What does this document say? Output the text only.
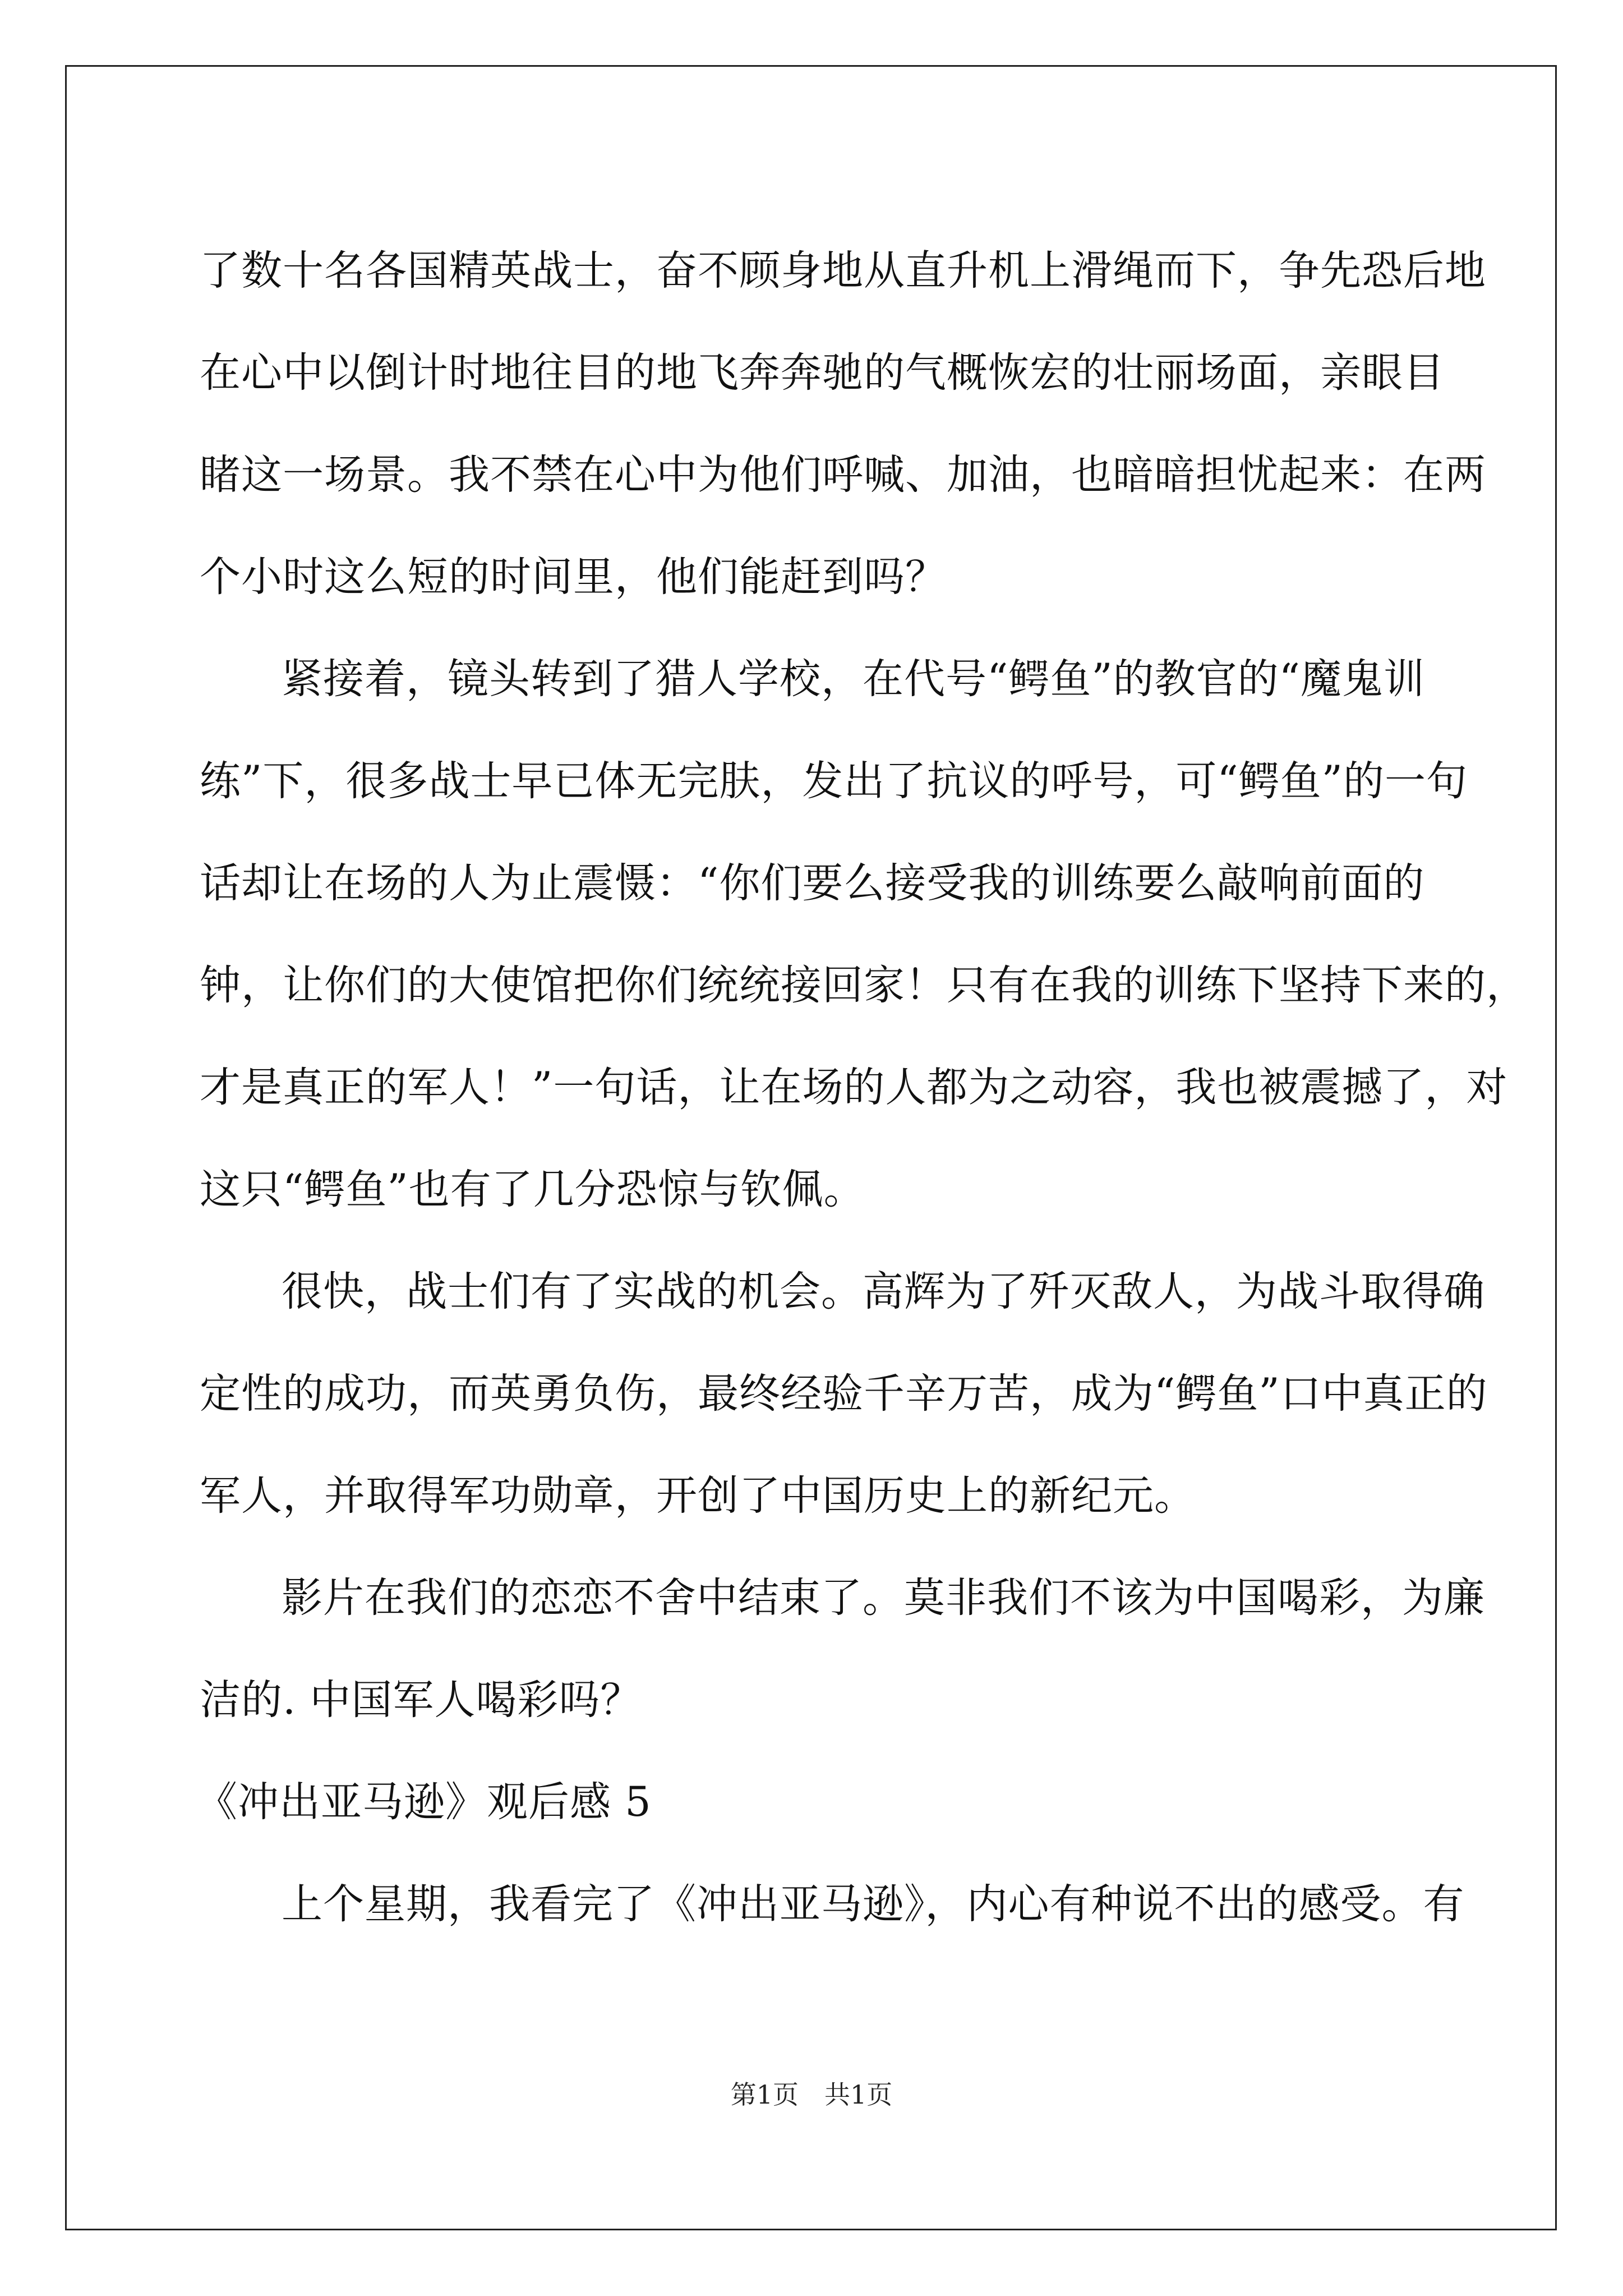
了数十名各国精英战士，奋不顾身地从直升机上滑绳而下，争先恐后地
在心中以倒计时地往目的地飞奔奔驰的气概恢宏的壮丽场面，亲眼目
睹这一场景。我不禁在心中为他们呼喊、加油，也暗暗担忧起来：在两
个小时这么短的时间里，他们能赶到吗？
紧接着，镜头转到了猎人学校，在代号“鳄鱼”的教官的“魔鬼训
练”下，很多战士早已体无完肤，发出了抗议的呼号，可“鳄鱼”的一句
话却让在场的人为止震慑：“你们要么接受我的训练要么敲响前面的
钟，让你们的大使馆把你们统统接回家！只有在我的训练下坚持下来的，
才是真正的军人！”一句话，让在场的人都为之动容，我也被震撼了，对
这只“鳄鱼”也有了几分恐惊与钦佩。
很快，战士们有了实战的机会。高辉为了歼灭敌人，为战斗取得确
定性的成功，而英勇负伤，最终经验千辛万苦，成为“鳄鱼”口中真正的
军人，并取得军功勋章，开创了中国历史上的新纪元。
影片在我们的恋恋不舍中结束了。莫非我们不该为中国喝彩，为廉
洁的. 中国军人喝彩吗？
《冲出亚马逊》观后感 5
上个星期，我看完了《冲出亚马逊》，内心有种说不出的感受。有
第1页　共1页
